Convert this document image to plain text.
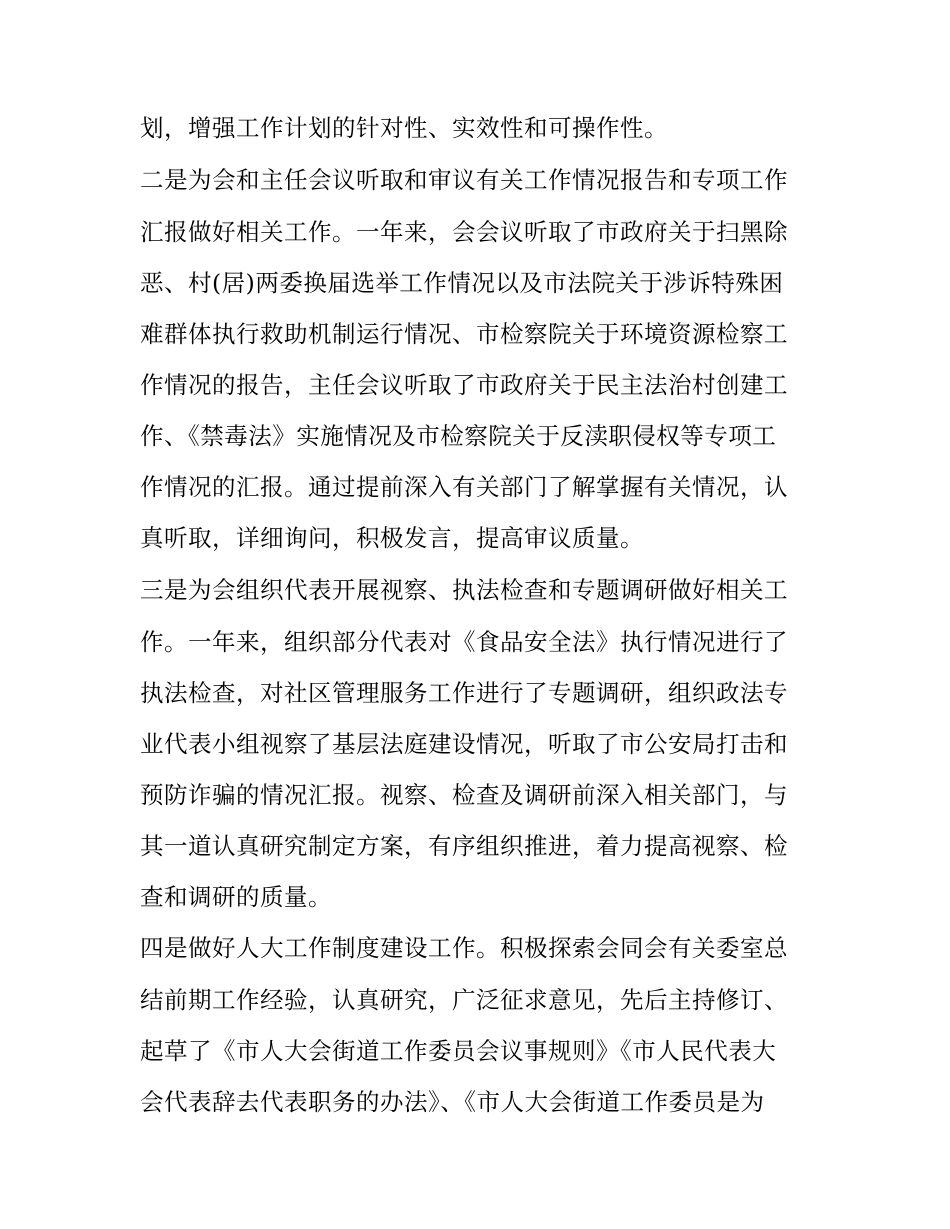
划，增强工作计划的针对性、实效性和可操作性。
二是为会和主任会议听取和审议有关工作情况报告和专项工作
汇报做好相关工作。一年来，会会议听取了市政府关于扫黑除
恶、村(居)两委换届选举工作情况以及市法院关于涉诉特殊困
难群体执行救助机制运行情况、市检察院关于环境资源检察工
作情况的报告，主任会议听取了市政府关于民主法治村创建工
作、《禁毒法》实施情况及市检察院关于反渎职侵权等专项工
作情况的汇报。通过提前深入有关部门了解掌握有关情况，认
真听取，详细询问，积极发言，提高审议质量。
三是为会组织代表开展视察、执法检查和专题调研做好相关工
作。一年来，组织部分代表对《食品安全法》执行情况进行了
执法检查，对社区管理服务工作进行了专题调研，组织政法专
业代表小组视察了基层法庭建设情况，听取了市公安局打击和
预防诈骗的情况汇报。视察、检查及调研前深入相关部门，与
其一道认真研究制定方案，有序组织推进，着力提高视察、检
查和调研的质量。
四是做好人大工作制度建设工作。积极探索会同会有关委室总
结前期工作经验，认真研究，广泛征求意见，先后主持修订、
起草了《市人大会街道工作委员会议事规则》《市人民代表大
会代表辞去代表职务的办法》、《市人大会街道工作委员是为
